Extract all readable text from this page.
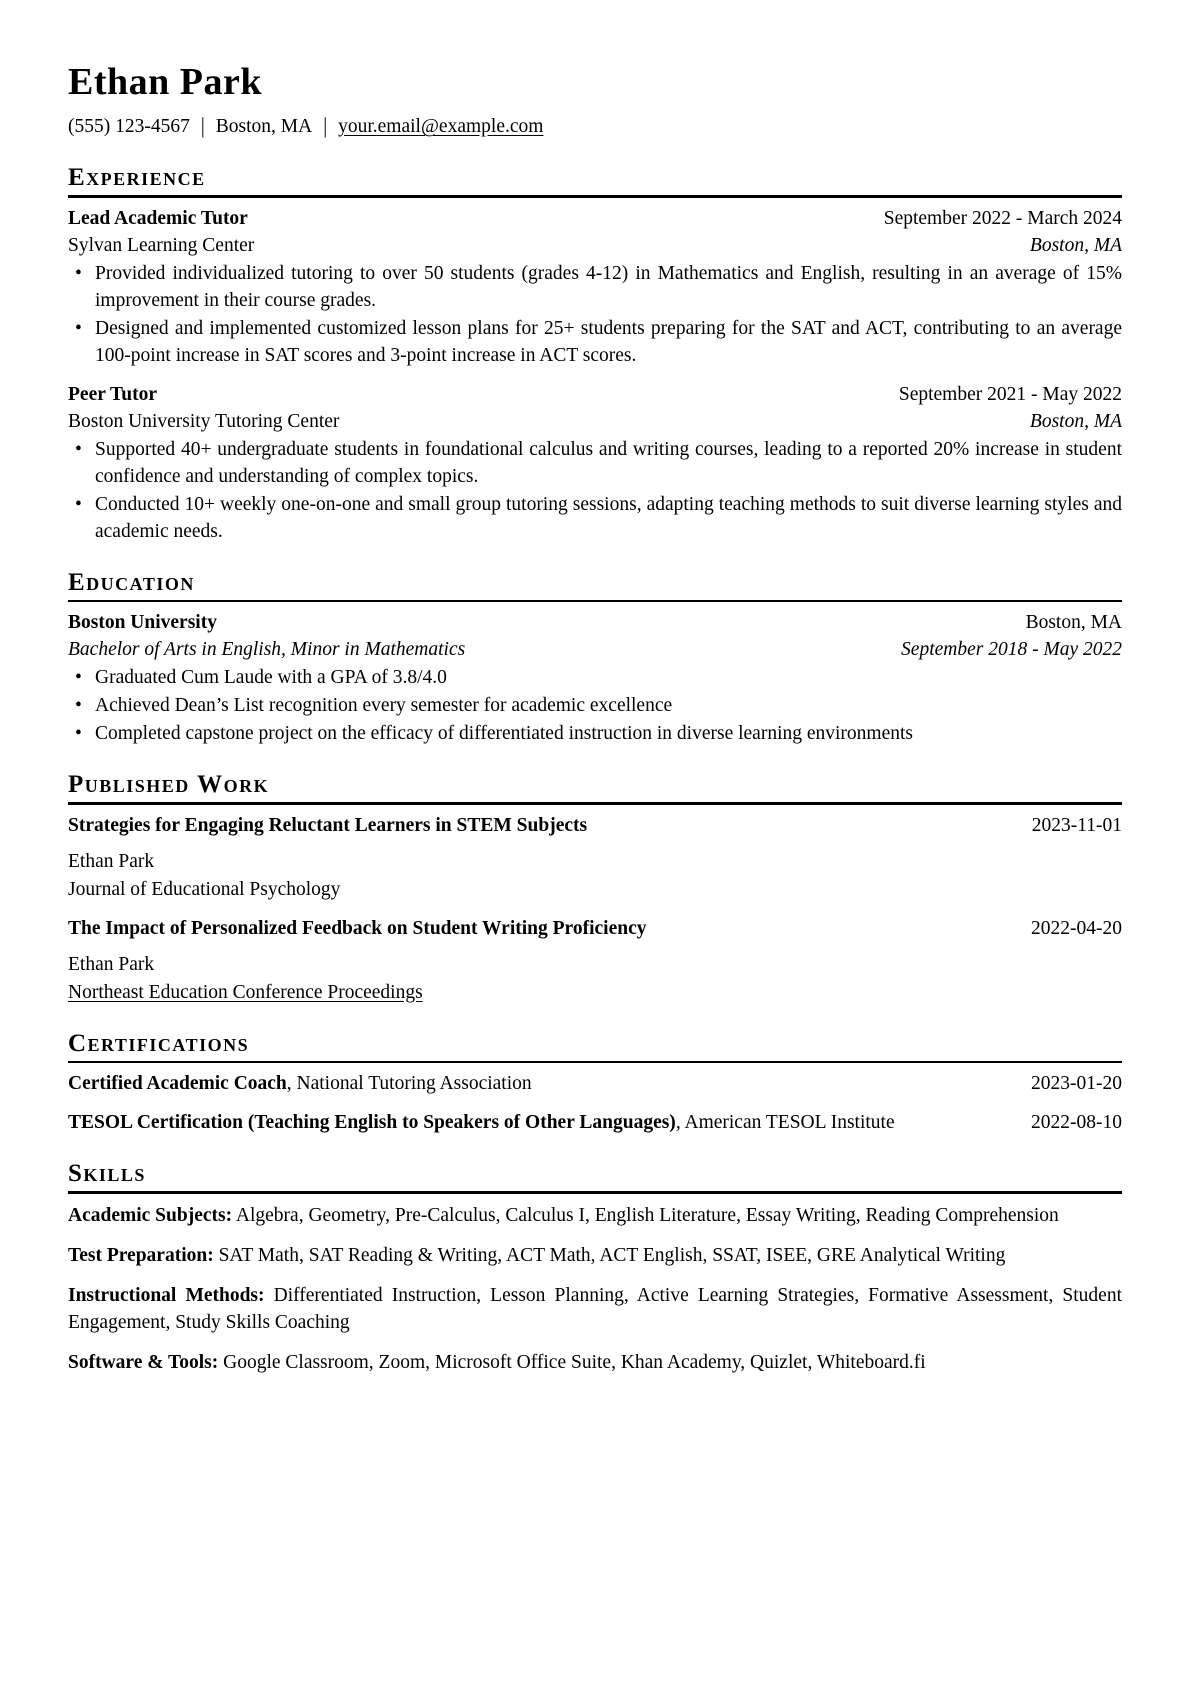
Ethan Park
(555) 123-4567 | Boston, MA | your.email@example.com
Experience
Lead Academic Tutor	September 2022 - March 2024
Sylvan Learning Center	Boston, MA
• Provided individualized tutoring to over 50 students (grades 4-12) in Mathematics and English, resulting in an average of 15% improvement in their course grades.
• Designed and implemented customized lesson plans for 25+ students preparing for the SAT and ACT, contributing to an average 100-point increase in SAT scores and 3-point increase in ACT scores.
Peer Tutor	September 2021 - May 2022
Boston University Tutoring Center	Boston, MA
• Supported 40+ undergraduate students in foundational calculus and writing courses, leading to a reported 20% increase in student confidence and understanding of complex topics.
• Conducted 10+ weekly one-on-one and small group tutoring sessions, adapting teaching methods to suit diverse learning styles and academic needs.
Education
Boston University	Boston, MA
Bachelor of Arts in English, Minor in Mathematics	September 2018 - May 2022
• Graduated Cum Laude with a GPA of 3.8/4.0
• Achieved Dean’s List recognition every semester for academic excellence
• Completed capstone project on the efficacy of differentiated instruction in diverse learning environments
Published Work
Strategies for Engaging Reluctant Learners in STEM Subjects	2023-11-01
Ethan Park
Journal of Educational Psychology
The Impact of Personalized Feedback on Student Writing Proficiency	2022-04-20
Ethan Park
Northeast Education Conference Proceedings
Certifications
Certified Academic Coach, National Tutoring Association	2023-01-20
TESOL Certification (Teaching English to Speakers of Other Languages), American TESOL Institute	2022-08-10
Skills
Academic Subjects: Algebra, Geometry, Pre-Calculus, Calculus I, English Literature, Essay Writing, Reading Comprehension
Test Preparation: SAT Math, SAT Reading & Writing, ACT Math, ACT English, SSAT, ISEE, GRE Analytical Writing
Instructional Methods: Differentiated Instruction, Lesson Planning, Active Learning Strategies, Formative Assessment, Student Engagement, Study Skills Coaching
Software & Tools: Google Classroom, Zoom, Microsoft Office Suite, Khan Academy, Quizlet, Whiteboard.fi
